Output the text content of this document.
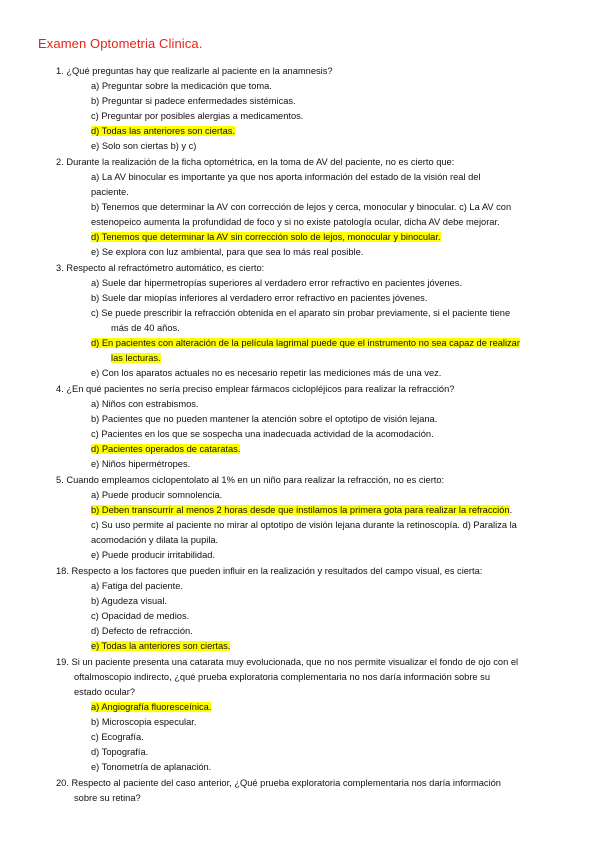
Examen Optometria Clinica.
1. ¿Qué preguntas hay que realizarle al paciente en la anamnesis?
a) Preguntar sobre la medicación que toma.
b) Preguntar si padece enfermedades sistémicas.
c) Preguntar por posibles alergias a medicamentos.
d) Todas las anteriores son ciertas.
e) Solo son ciertas b) y c)
2. Durante la realización de la ficha optométrica, en la toma de AV del paciente, no es cierto que:
a) La AV binocular es importante ya que nos aporta información del estado de la visión real del
paciente.
b) Tenemos que determinar la AV con corrección de lejos y cerca, monocular y binocular. c) La AV con
estenopeico aumenta la profundidad de foco y si no existe patología ocular, dicha AV debe mejorar.
d) Tenemos que determinar la AV sin corrección solo de lejos, monocular y binocular.
e) Se explora con luz ambiental, para que sea lo más real posible.
3. Respecto al refractómetro automático, es cierto:
a) Suele dar hipermetropías superiores al verdadero error refractivo en pacientes jóvenes.
b) Suele dar miopías inferiores al verdadero error refractivo en pacientes jóvenes.
c) Se puede prescribir la refracción obtenida en el aparato sin probar previamente, si el paciente tiene
más de 40 años.
d) En pacientes con alteración de la película lagrimal puede que el instrumento no sea capaz de realizar
las lecturas.
e) Con los aparatos actuales no es necesario repetir las mediciones más de una vez.
4. ¿En qué pacientes no sería preciso emplear fármacos ciclopléjicos para realizar la refracción?
a) Niños con estrabismos.
b) Pacientes que no pueden mantener la atención sobre el optotipo de visión lejana.
c) Pacientes en los que se sospecha una inadecuada actividad de la acomodación.
d) Pacientes operados de cataratas.
e) Niños hipermétropes.
5. Cuando empleamos ciclopentolato al 1% en un niño para realizar la refracción, no es cierto:
a) Puede producir somnolencia.
b) Deben transcurrir al menos 2 horas desde que instilamos la primera gota para realizar la refracción.
c) Su uso permite al paciente no mirar al optotipo de visión lejana durante la retinoscopía. d) Paraliza la
acomodación y dilata la pupila.
e) Puede producir irritabilidad.
18. Respecto a los factores que pueden influir en la realización y resultados del campo visual, es cierta:
a) Fatiga del paciente.
b) Agudeza visual.
c) Opacidad de medios.
d) Defecto de refracción.
e) Todas la anteriores son ciertas.
19. Si un paciente presenta una catarata muy evolucionada, que no nos permite visualizar el fondo de ojo con el
oftalmoscopio indirecto, ¿qué prueba exploratoria complementaria no nos daría información sobre su
estado ocular?
a) Angiografía fluoresceínica.
b) Microscopia especular.
c) Ecografía.
d) Topografía.
e) Tonometría de aplanación.
20. Respecto al paciente del caso anterior, ¿Qué prueba exploratoria complementaria nos daría información
sobre su retina?
